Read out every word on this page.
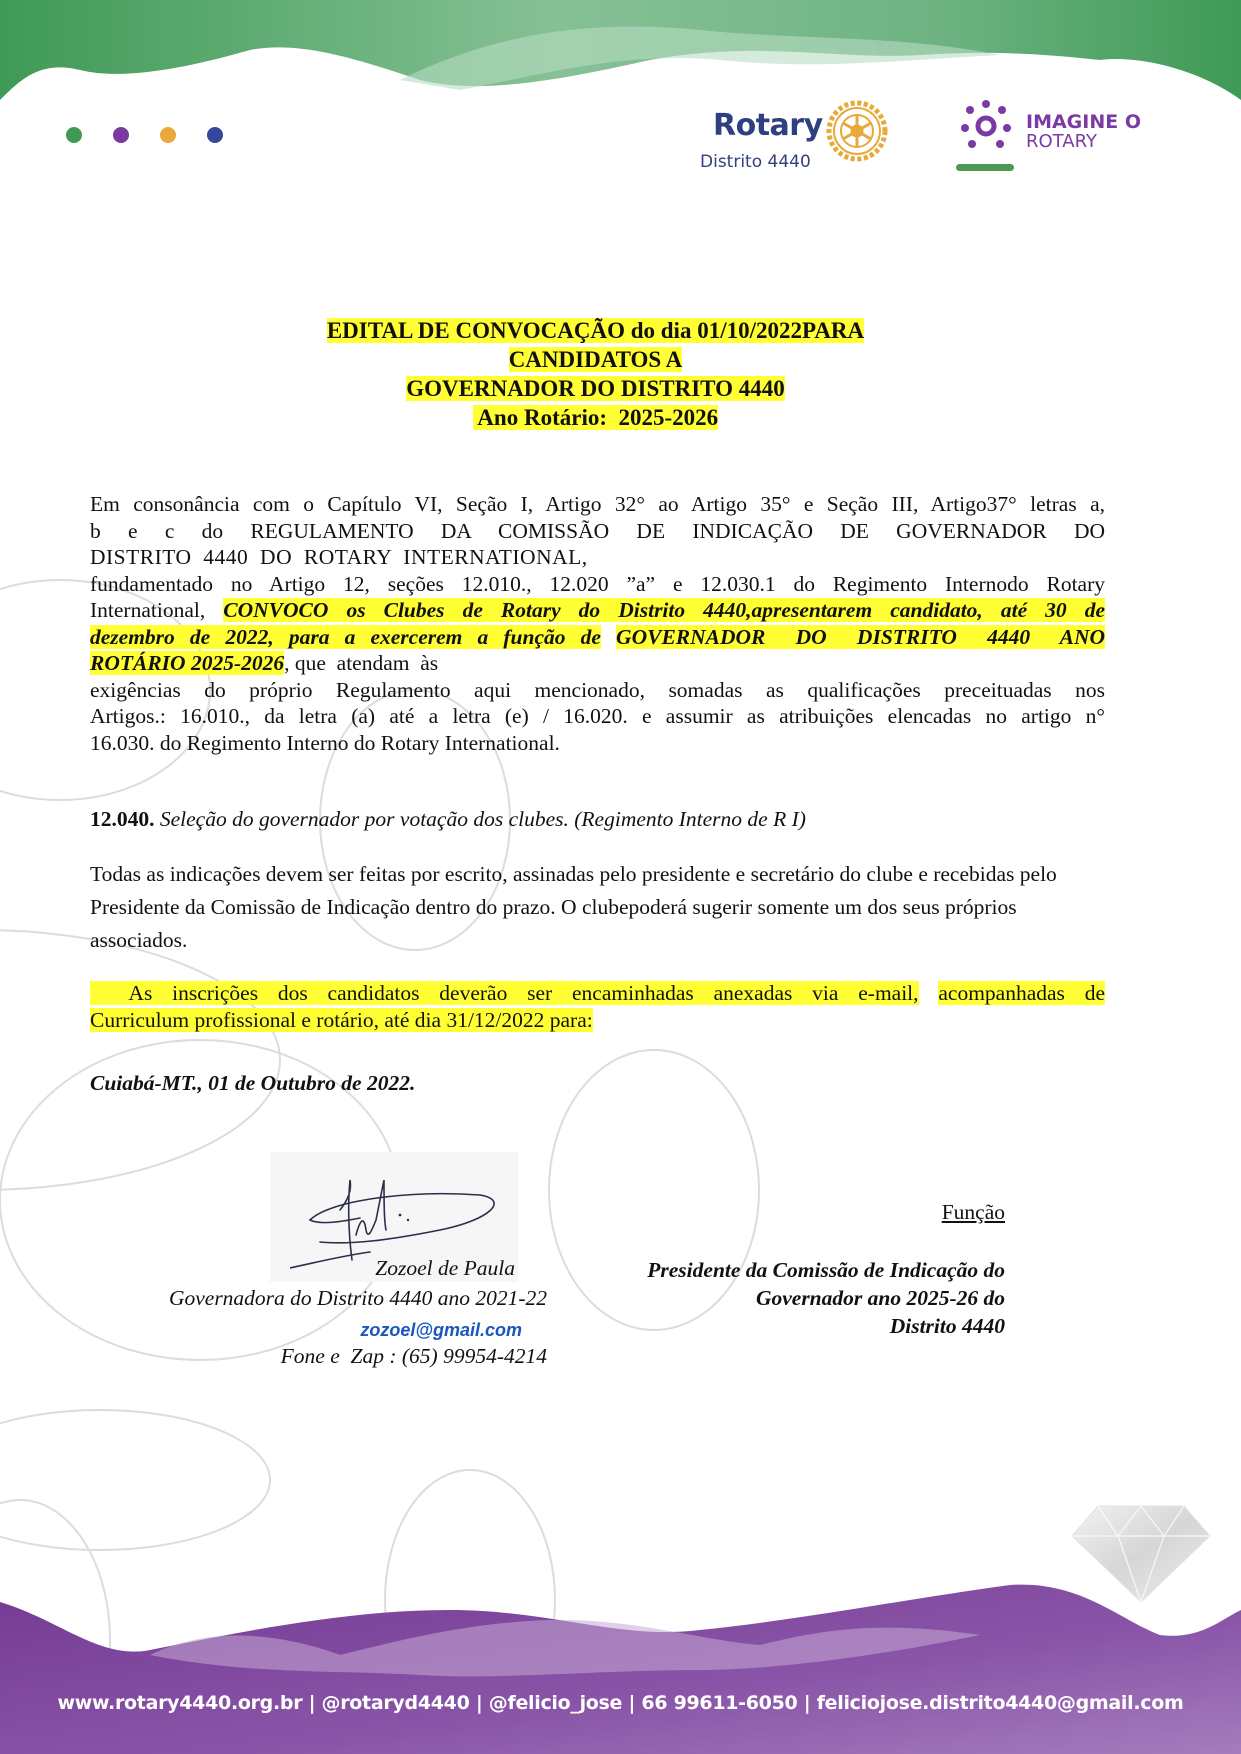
Rotary
Distrito 4440
IMAGINE O
ROTARY
EDITAL DE CONVOCAÇÃO do dia 01/10/2022PARA
CANDIDATOS A
GOVERNADOR DO DISTRITO 4440
Ano Rotário:  2025-2026
Em consonância com o Capítulo VI, Seção I, Artigo 32° ao Artigo 35° e Seção III, Artigo37° letras a,
b e c do REGULAMENTO DA COMISSÃO DE INDICAÇÃO DE GOVERNADOR DO
DISTRITO  4440  DO  ROTARY  INTERNATIONAL,
fundamentado no Artigo 12, seções 12.010., 12.020 ”a” e 12.030.1 do Regimento Internodo Rotary
International, CONVOCO os Clubes de Rotary do Distrito 4440,apresentarem candidato, até 30 de
dezembro de 2022, para a exercerem a função de GOVERNADOR  DO  DISTRITO  4440  ANO
ROTÁRIO 2025-2026, que  atendam  às
exigências do próprio Regulamento aqui mencionado, somadas as qualificações preceituadas nos
Artigos.: 16.010., da letra (a) até a letra (e) / 16.020. e assumir as atribuições elencadas no artigo n°
16.030. do Regimento Interno do Rotary International.
12.040. Seleção do governador por votação dos clubes. (Regimento Interno de R I)
Todas as indicações devem ser feitas por escrito, assinadas pelo presidente e secretário do clube e recebidas pelo Presidente da Comissão de Indicação dentro do prazo. O clubepoderá sugerir somente um dos seus próprios associados.
As inscrições dos candidatos deverão ser encaminhadas anexadas via e-mail, acompanhadas de
Curriculum profissional e rotário, até dia 31/12/2022 para:
Cuiabá-MT., 01 de Outubro de 2022.
Zozoel de Paula
Governadora do Distrito 4440 ano 2021-22
zozoel@gmail.com
Fone e  Zap : (65) 99954-4214
Função
Presidente da Comissão de Indicação do
Governador ano 2025-26 do
Distrito 4440
www.rotary4440.org.br | @rotaryd4440 | @felicio_jose | 66 99611-6050 | feliciojose.distrito4440@gmail.com
